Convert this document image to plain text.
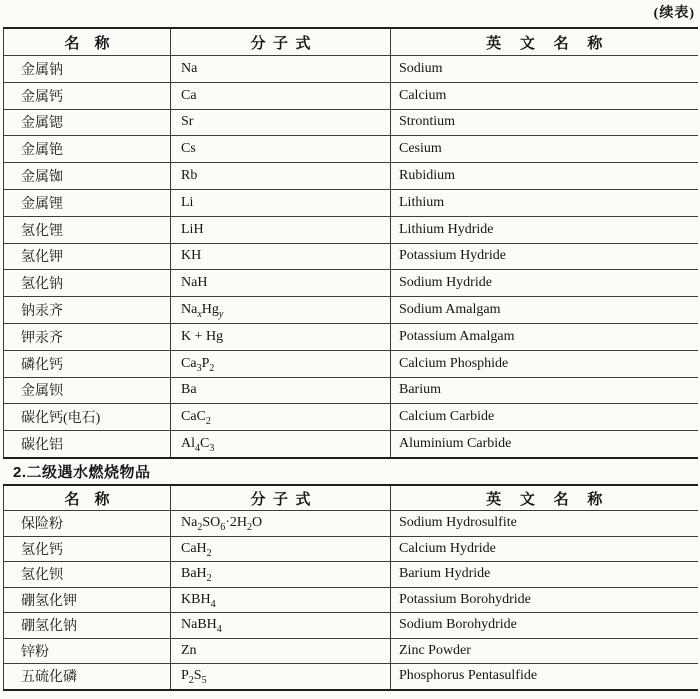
(续表)
名    称	分  子  式	英     文     名     称
金属钠	Na	Sodium
金属钙	Ca	Calcium
金属锶	Sr	Strontium
金属铯	Cs	Cesium
金属铷	Rb	Rubidium
金属锂	Li	Lithium
氢化锂	LiH	Lithium Hydride
氢化钾	KH	Potassium Hydride
氢化钠	NaH	Sodium Hydride
钠汞齐	$Na_xHg_y$	Sodium Amalgam
钾汞齐	K + Hg	Potassium Amalgam
磷化钙	$Ca_3P_2$	Calcium Phosphide
金属钡	Ba	Barium
碳化钙(电石)	CaC$_2$	Calcium Carbide
碳化铝	$Al_4C_3$	Aluminium Carbide
2.二级遇水燃烧物品
名    称	分  子  式	英     文     名     称
保险粉	$Na_2SO_6\cdot 2H_2O$	Sodium Hydrosulfite
氢化钙	CaH$_2$	Calcium Hydride
氢化钡	BaH$_2$	Barium Hydride
硼氢化钾	$KBH_4$	Potassium Borohydride
硼氢化钠	NaBH$_4$	Sodium Borohydride
锌粉	Zn	Zinc Powder
五硫化磷	$P_2S_5$	Phosphorus Pentasulfide
